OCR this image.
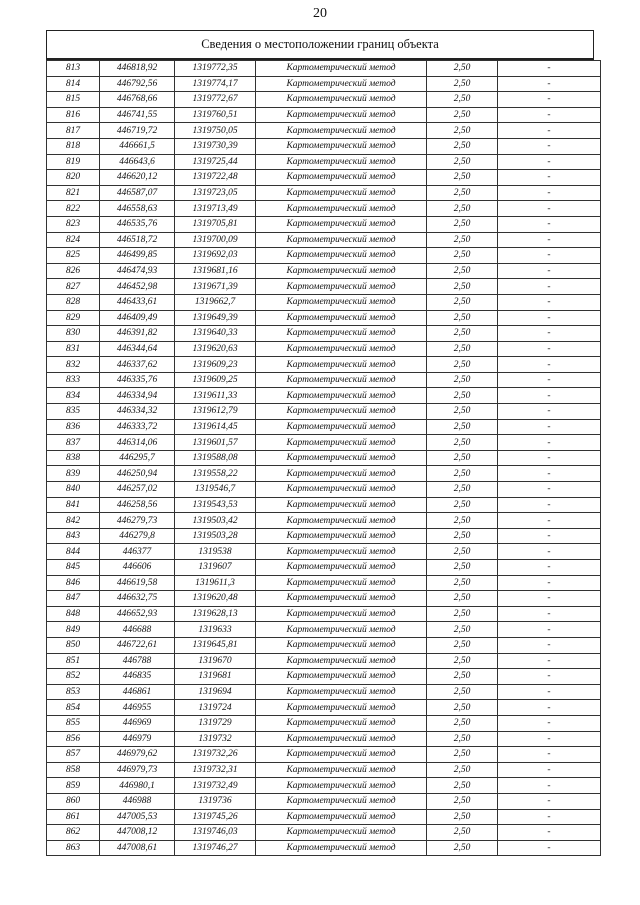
20
Сведения о местоположении границ объекта
813	446818,92	1319772,35	Картометрический метод	2,50	-
814	446792,56	1319774,17	Картометрический метод	2,50	-
815	446768,66	1319772,67	Картометрический метод	2,50	-
816	446741,55	1319760,51	Картометрический метод	2,50	-
817	446719,72	1319750,05	Картометрический метод	2,50	-
818	446661,5	1319730,39	Картометрический метод	2,50	-
819	446643,6	1319725,44	Картометрический метод	2,50	-
820	446620,12	1319722,48	Картометрический метод	2,50	-
821	446587,07	1319723,05	Картометрический метод	2,50	-
822	446558,63	1319713,49	Картометрический метод	2,50	-
823	446535,76	1319705,81	Картометрический метод	2,50	-
824	446518,72	1319700,09	Картометрический метод	2,50	-
825	446499,85	1319692,03	Картометрический метод	2,50	-
826	446474,93	1319681,16	Картометрический метод	2,50	-
827	446452,98	1319671,39	Картометрический метод	2,50	-
828	446433,61	1319662,7	Картометрический метод	2,50	-
829	446409,49	1319649,39	Картометрический метод	2,50	-
830	446391,82	1319640,33	Картометрический метод	2,50	-
831	446344,64	1319620,63	Картометрический метод	2,50	-
832	446337,62	1319609,23	Картометрический метод	2,50	-
833	446335,76	1319609,25	Картометрический метод	2,50	-
834	446334,94	1319611,33	Картометрический метод	2,50	-
835	446334,32	1319612,79	Картометрический метод	2,50	-
836	446333,72	1319614,45	Картометрический метод	2,50	-
837	446314,06	1319601,57	Картометрический метод	2,50	-
838	446295,7	1319588,08	Картометрический метод	2,50	-
839	446250,94	1319558,22	Картометрический метод	2,50	-
840	446257,02	1319546,7	Картометрический метод	2,50	-
841	446258,56	1319543,53	Картометрический метод	2,50	-
842	446279,73	1319503,42	Картометрический метод	2,50	-
843	446279,8	1319503,28	Картометрический метод	2,50	-
844	446377	1319538	Картометрический метод	2,50	-
845	446606	1319607	Картометрический метод	2,50	-
846	446619,58	1319611,3	Картометрический метод	2,50	-
847	446632,75	1319620,48	Картометрический метод	2,50	-
848	446652,93	1319628,13	Картометрический метод	2,50	-
849	446688	1319633	Картометрический метод	2,50	-
850	446722,61	1319645,81	Картометрический метод	2,50	-
851	446788	1319670	Картометрический метод	2,50	-
852	446835	1319681	Картометрический метод	2,50	-
853	446861	1319694	Картометрический метод	2,50	-
854	446955	1319724	Картометрический метод	2,50	-
855	446969	1319729	Картометрический метод	2,50	-
856	446979	1319732	Картометрический метод	2,50	-
857	446979,62	1319732,26	Картометрический метод	2,50	-
858	446979,73	1319732,31	Картометрический метод	2,50	-
859	446980,1	1319732,49	Картометрический метод	2,50	-
860	446988	1319736	Картометрический метод	2,50	-
861	447005,53	1319745,26	Картометрический метод	2,50	-
862	447008,12	1319746,03	Картометрический метод	2,50	-
863	447008,61	1319746,27	Картометрический метод	2,50	-
